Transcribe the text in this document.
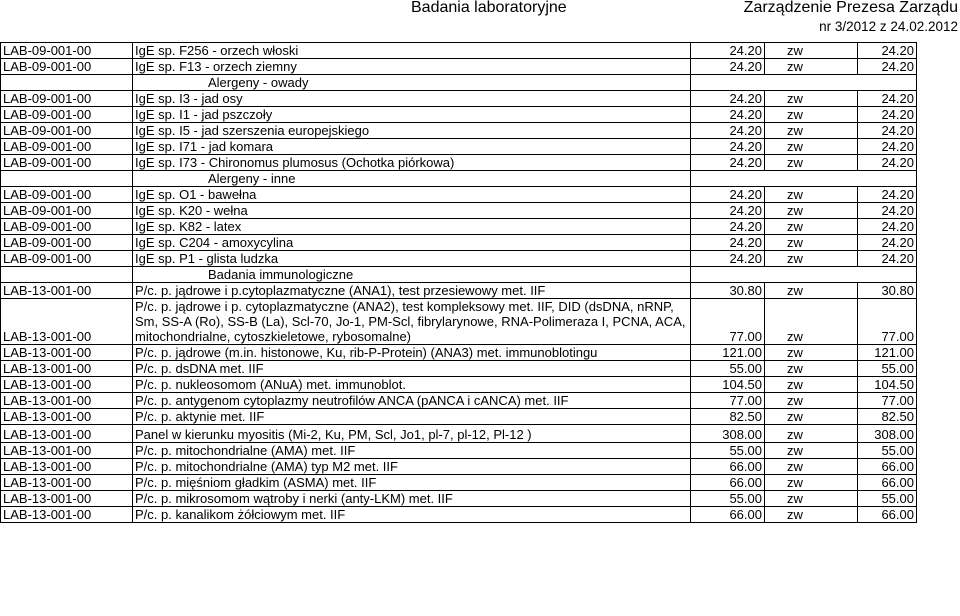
Badania laboratoryjne	Zarządzenie Prezesa Zarządu
nr 3/2012 z 24.02.2012
LAB-09-001-00	IgE sp. F256 - orzech włoski	24.20	zw	24.20
LAB-09-001-00	IgE sp. F13 - orzech ziemny	24.20	zw	24.20
	Alergeny - owady			
LAB-09-001-00	IgE sp. I3 - jad osy	24.20	zw	24.20
LAB-09-001-00	IgE sp. I1 - jad pszczoły	24.20	zw	24.20
LAB-09-001-00	IgE sp. I5 - jad szerszenia europejskiego	24.20	zw	24.20
LAB-09-001-00	IgE sp. I71 - jad komara	24.20	zw	24.20
LAB-09-001-00	IgE sp. I73 - Chironomus plumosus (Ochotka piórkowa)	24.20	zw	24.20
	Alergeny - inne			
LAB-09-001-00	IgE sp. O1 - bawełna	24.20	zw	24.20
LAB-09-001-00	IgE sp. K20 - wełna	24.20	zw	24.20
LAB-09-001-00	IgE sp. K82 - latex	24.20	zw	24.20
LAB-09-001-00	IgE sp. C204 - amoxycylina	24.20	zw	24.20
LAB-09-001-00	IgE sp. P1 - glista ludzka	24.20	zw	24.20
	Badania immunologiczne			
LAB-13-001-00	P/c. p. jądrowe i p.cytoplazmatyczne (ANA1), test przesiewowy met. IIF	30.80	zw	30.80
LAB-13-001-00	P/c. p. jądrowe i p. cytoplazmatyczne (ANA2), test kompleksowy met. IIF, DID (dsDNA, nRNP, Sm, SS-A (Ro), SS-B (La), Scl-70, Jo-1, PM-Scl, fibrylarynowe, RNA-Polimeraza I, PCNA, ACA, mitochondrialne, cytoszkieletowe, rybosomalne)	77.00	zw	77.00
LAB-13-001-00	P/c. p. jądrowe (m.in. histonowe, Ku, rib-P-Protein) (ANA3) met. immunoblotingu	121.00	zw	121.00
LAB-13-001-00	P/c. p. dsDNA met. IIF	55.00	zw	55.00
LAB-13-001-00	P/c. p. nukleosomom (ANuA) met. immunoblot.	104.50	zw	104.50
LAB-13-001-00	P/c. p. antygenom cytoplazmy neutrofilów ANCA (pANCA i cANCA) met. IIF	77.00	zw	77.00
LAB-13-001-00	P/c. p. aktynie met. IIF	82.50	zw	82.50
LAB-13-001-00	Panel w kierunku myositis (Mi-2, Ku, PM, Scl, Jo1, pl-7, pl-12, Pl-12 )	308.00	zw	308.00
LAB-13-001-00	P/c. p. mitochondrialne (AMA) met. IIF	55.00	zw	55.00
LAB-13-001-00	P/c. p. mitochondrialne (AMA) typ M2 met. IIF	66.00	zw	66.00
LAB-13-001-00	P/c. p. mięśniom gładkim (ASMA) met. IIF	66.00	zw	66.00
LAB-13-001-00	P/c. p. mikrosomom wątroby i nerki (anty-LKM) met. IIF	55.00	zw	55.00
LAB-13-001-00	P/c. p. kanalikom żółciowym met. IIF	66.00	zw	66.00
